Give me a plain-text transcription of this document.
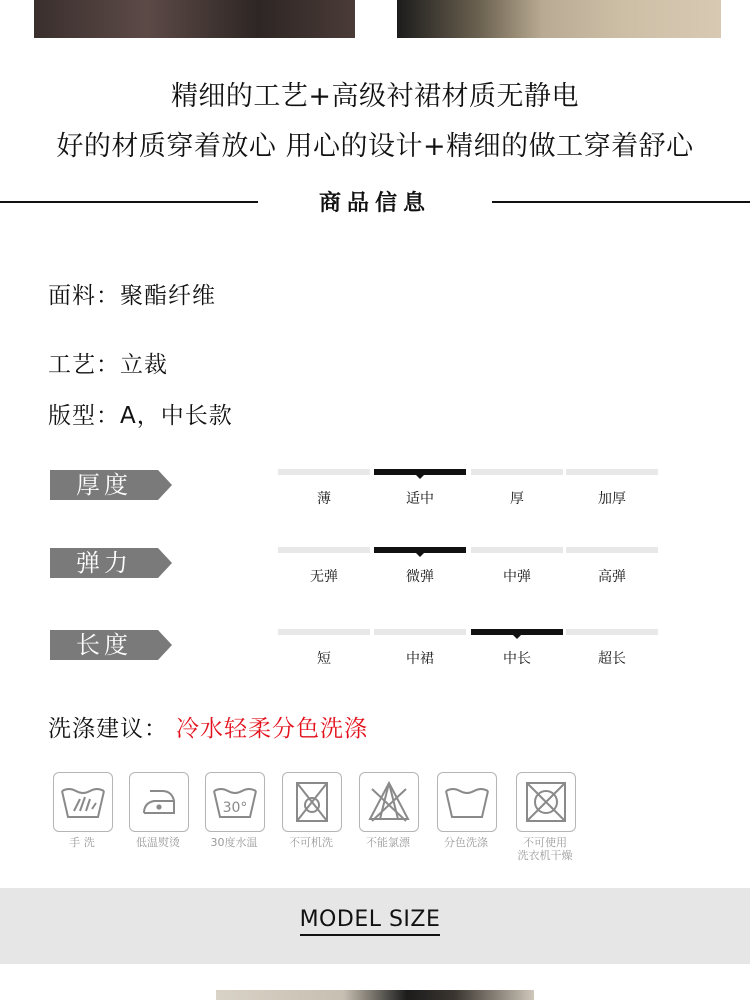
精细的工艺+高级衬裙材质无静电
好的材质穿着放心 用心的设计+精细的做工穿着舒心
商品信息
面料：聚酯纤维
工艺：立裁
版型：A，中长款
厚度	薄	适中	厚	加厚
弹力	无弹	微弹	中弹	高弹
长度	短	中裙	中长	超长
洗涤建议： 冷水轻柔分色洗涤
30°
手 洗	低温熨烫	30度水温	不可机洗	不能氯漂	分色洗涤	不可使用
洗衣机干燥
MODEL SIZE
